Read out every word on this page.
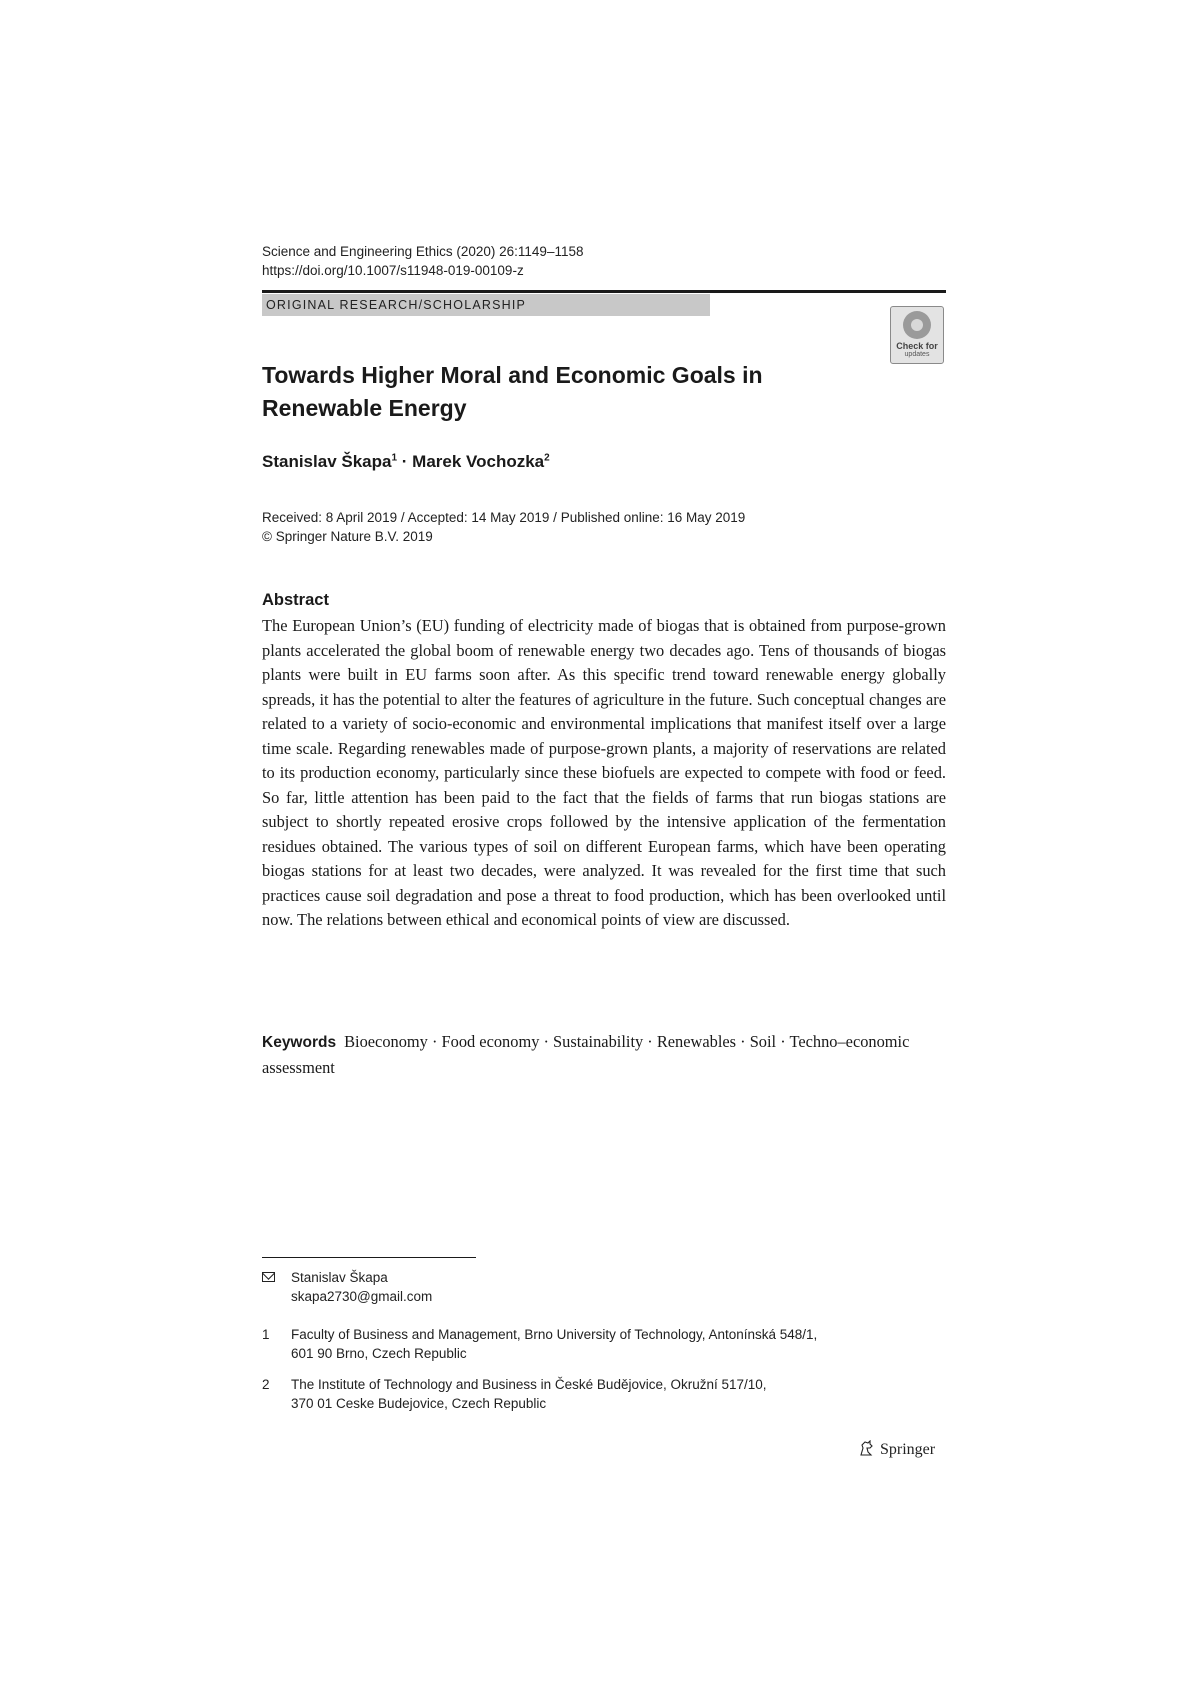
Science and Engineering Ethics (2020) 26:1149–1158
https://doi.org/10.1007/s11948-019-00109-z
ORIGINAL RESEARCH/SCHOLARSHIP
Check for
updates
Towards Higher Moral and Economic Goals in Renewable Energy
Stanislav Škapa$^1$ · Marek Vochozka$^2$
Received: 8 April 2019 / Accepted: 14 May 2019 / Published online: 16 May 2019
© Springer Nature B.V. 2019
Abstract
The European Union’s (EU) funding of electricity made of biogas that is obtained from purpose-grown plants accelerated the global boom of renewable energy two decades ago. Tens of thousands of biogas plants were built in EU farms soon after. As this specific trend toward renewable energy globally spreads, it has the potential to alter the features of agriculture in the future. Such conceptual changes are related to a variety of socio-economic and environmental implications that manifest itself over a large time scale. Regarding renewables made of purpose-grown plants, a majority of reservations are related to its production economy, particularly since these biofuels are expected to compete with food or feed. So far, little attention has been paid to the fact that the fields of farms that run biogas stations are subject to shortly repeated erosive crops followed by the intensive application of the fermentation residues obtained. The various types of soil on different European farms, which have been operating biogas stations for at least two decades, were analyzed. It was revealed for the first time that such practices cause soil degradation and pose a threat to food production, which has been overlooked until now. The relations between ethical and economical points of view are discussed.
Keywords Bioeconomy · Food economy · Sustainability · Renewables · Soil · Techno–economic assessment
Stanislav Škapa
skapa2730@gmail.com
1 Faculty of Business and Management, Brno University of Technology, Antonínská 548/1,
601 90 Brno, Czech Republic
2 The Institute of Technology and Business in České Budějovice, Okružní 517/10,
370 01 Ceske Budejovice, Czech Republic
Springer
